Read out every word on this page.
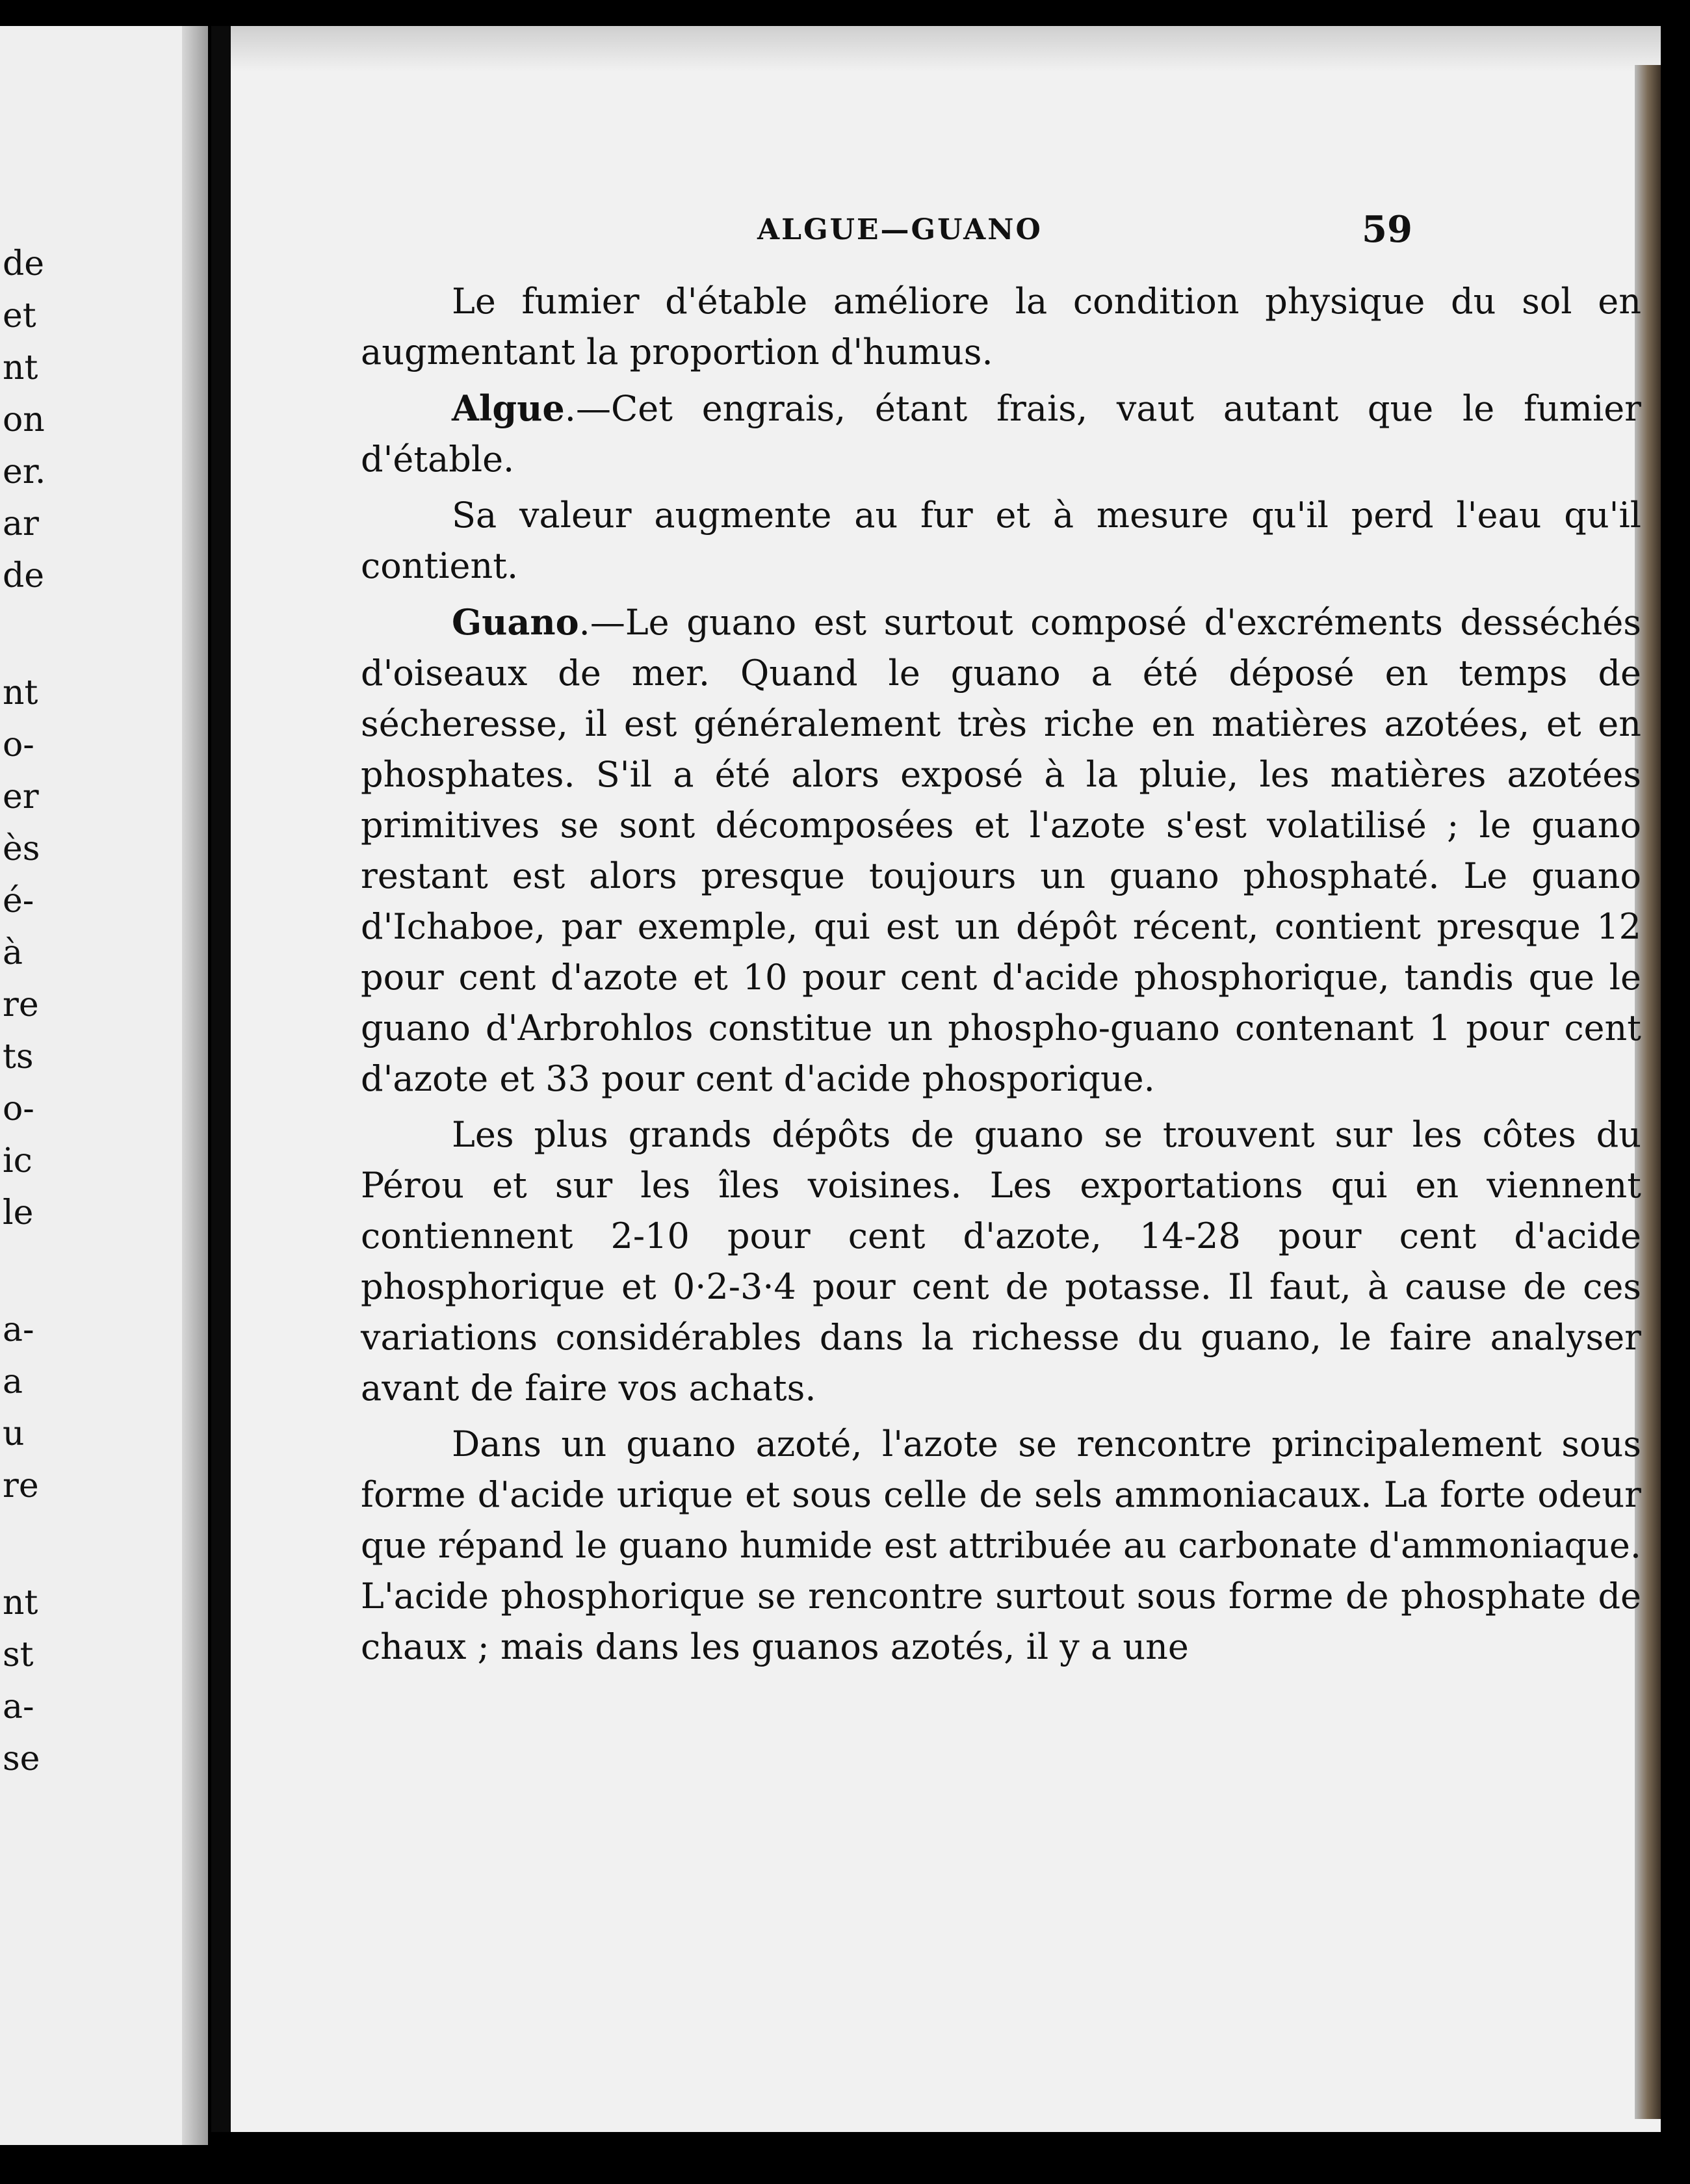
de
et
nt
on
er.
ar
de
nt
o-
er
ès
é-
à
re
ts
o-
ic
le
a-
a
u
re
nt
st
a-
se
ALGUE—GUANO	59

Le fumier d'étable améliore la condition physique du sol en augmentant la proportion d'humus.

Algue.—Cet engrais, étant frais, vaut autant que le fumier d'étable.

Sa valeur augmente au fur et à mesure qu'il perd l'eau qu'il contient.

Guano.—Le guano est surtout composé d'excréments desséchés d'oiseaux de mer. Quand le guano a été déposé en temps de sécheresse, il est généralement très riche en matières azotées, et en phosphates. S'il a été alors exposé à la pluie, les matières azotées primitives se sont décomposées et l'azote s'est volatilisé ; le guano restant est alors presque toujours un guano phosphaté. Le guano d'Ichaboe, par exemple, qui est un dépôt récent, contient presque 12 pour cent d'azote et 10 pour cent d'acide phosphorique, tandis que le guano d'Arbrohlos constitue un phospho-guano contenant 1 pour cent d'azote et 33 pour cent d'acide phosporique.

Les plus grands dépôts de guano se trouvent sur les côtes du Pérou et sur les îles voisines. Les exportations qui en viennent contiennent 2-10 pour cent d'azote, 14-28 pour cent d'acide phosphorique et 0·2-3·4 pour cent de potasse. Il faut, à cause de ces variations considérables dans la richesse du guano, le faire analyser avant de faire vos achats.

Dans un guano azoté, l'azote se rencontre principalement sous forme d'acide urique et sous celle de sels ammoniacaux. La forte odeur que répand le guano humide est attribuée au carbonate d'ammoniaque. L'acide phosphorique se rencontre surtout sous forme de phosphate de chaux ; mais dans les guanos azotés, il y a une
